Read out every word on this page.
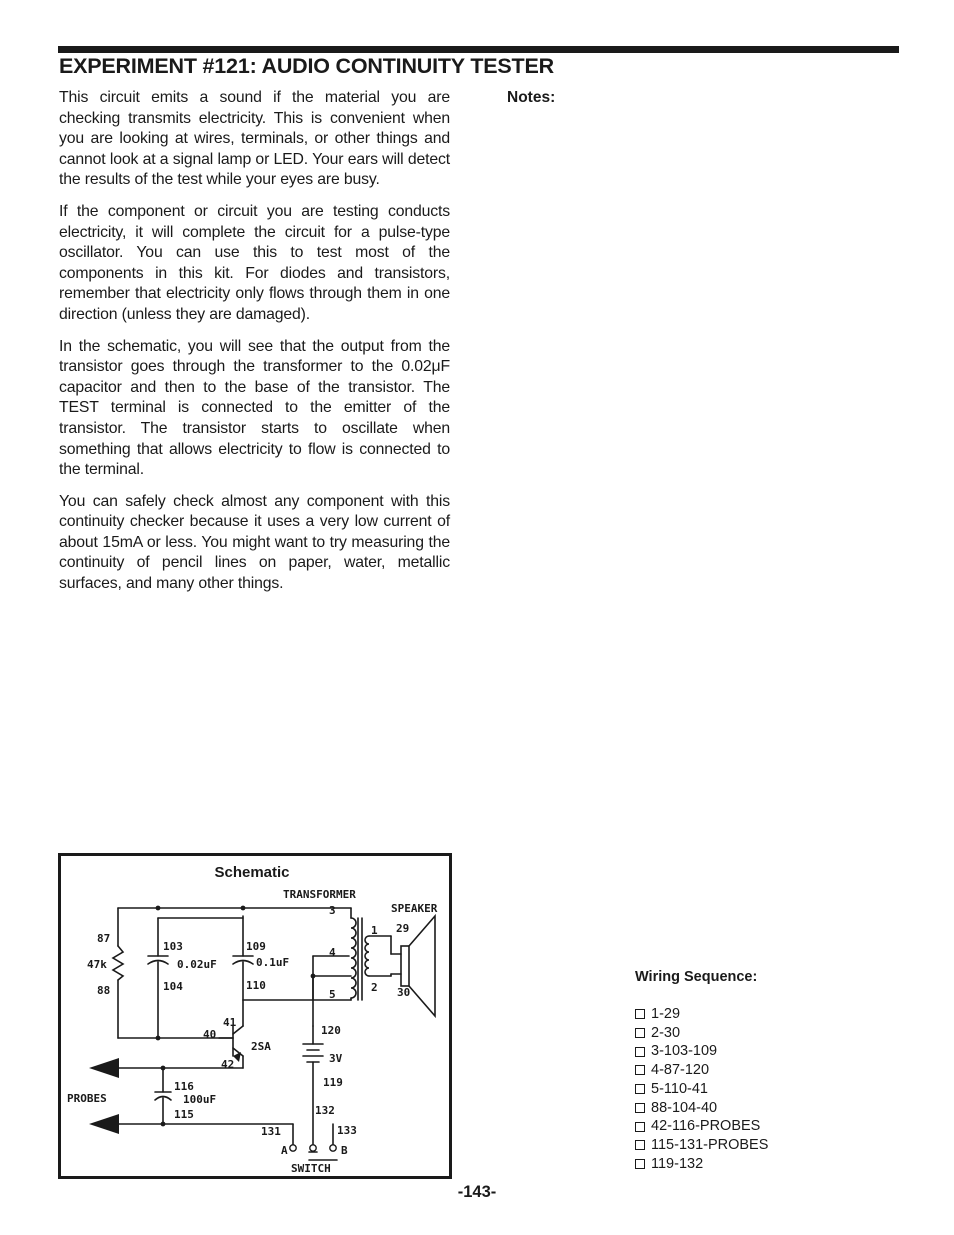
EXPERIMENT #121: AUDIO CONTINUITY TESTER

This circuit emits a sound if the material you are checking transmits electricity. This is convenient when you are looking at wires, terminals, or other things and cannot look at a signal lamp or LED. Your ears will detect the results of the test while your eyes are busy.

If the component or circuit you are testing conducts electricity, it will complete the circuit for a pulse-type oscillator. You can use this to test most of the components in this kit. For diodes and transistors, remember that electricity only flows through them in one direction (unless they are damaged).

In the schematic, you will see that the output from the transistor goes through the transformer to the 0.02μF capacitor and then to the base of the transistor. The TEST terminal is connected to the emitter of the transistor. The transistor starts to oscillate when something that allows electricity to flow is connected to the terminal.

You can safely check almost any component with this continuity checker because it uses a very low current of about 15mA or less. You might want to try measuring the continuity of pencil lines on paper, water, metallic surfaces, and many other things.

Notes:
Schematic
TRANSFORMER
SPEAKER
3
4
5
1
2
29
30
87
47k
88
103
0.02uF
104
109
0.1uF
110
41
40
2SA
42
120
3V
119
116
100uF
115
PROBES
132
131	133
A	B
SWITCH
Wiring Sequence:
1-29
2-30
3-103-109
4-87-120
5-110-41
88-104-40
42-116-PROBES
115-131-PROBES
119-132
-143-
